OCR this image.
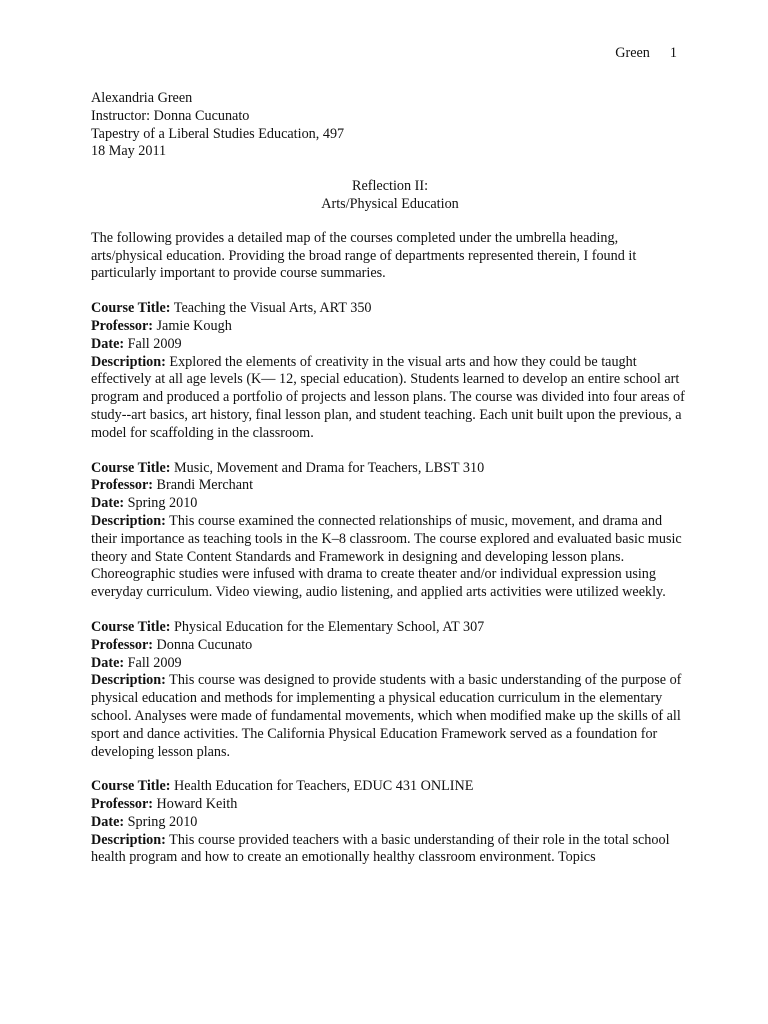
Green 1
Alexandria Green
Instructor: Donna Cucunato
Tapestry of a Liberal Studies Education, 497
18 May 2011
Reflection II:
Arts/Physical Education

The following provides a detailed map of the courses completed under the umbrella heading, arts/physical education. Providing the broad range of departments represented therein, I found it particularly important to provide course summaries.

Course Title: Teaching the Visual Arts, ART 350

Professor: Jamie Kough

Date: Fall 2009

Description: Explored the elements of creativity in the visual arts and how they could be taught effectively at all age levels (K— 12, special education). Students learned to develop an entire school art program and produced a portfolio of projects and lesson plans. The course was divided into four areas of study--art basics, art history, final lesson plan, and student teaching. Each unit built upon the previous, a model for scaffolding in the classroom.

Course Title: Music, Movement and Drama for Teachers, LBST 310

Professor: Brandi Merchant

Date: Spring 2010

Description: This course examined the connected relationships of music, movement, and drama and their importance as teaching tools in the K–8 classroom. The course explored and evaluated basic music theory and State Content Standards and Framework in designing and developing lesson plans. Choreographic studies were infused with drama to create theater and/or individual expression using everyday curriculum. Video viewing, audio listening, and applied arts activities were utilized weekly.

Course Title: Physical Education for the Elementary School, AT 307

Professor: Donna Cucunato

Date: Fall 2009

Description: This course was designed to provide students with a basic understanding of the purpose of physical education and methods for implementing a physical education curriculum in the elementary school. Analyses were made of fundamental movements, which when modified make up the skills of all sport and dance activities. The California Physical Education Framework served as a foundation for developing lesson plans.

Course Title: Health Education for Teachers, EDUC 431 ONLINE

Professor: Howard Keith

Date: Spring 2010

Description: This course provided teachers with a basic understanding of their role in the total school health program and how to create an emotionally healthy classroom environment. Topics
